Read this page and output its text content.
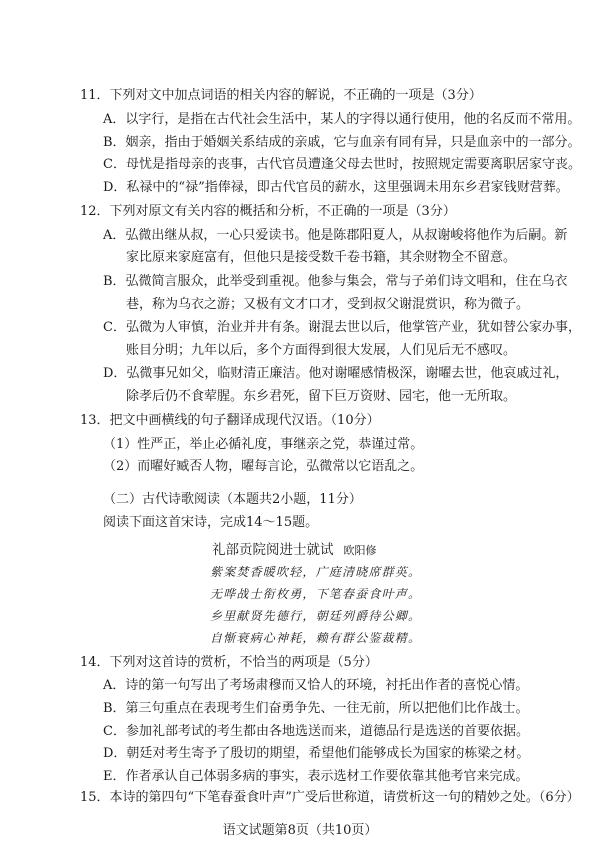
11．下列对文中加点词语的相关内容的解说，不正确的一项是（3分）
A．以字行，是指在古代社会生活中，某人的字得以通行使用，他的名反而不常用。
B．姻亲，指由于婚姻关系结成的亲戚，它与血亲有同有异，只是血亲中的一部分。
C．母忧是指母亲的丧事，古代官员遭逢父母去世时，按照规定需要离职居家守丧。
D．私禄中的“禄”指俸禄，即古代官员的薪水，这里强调未用东乡君家钱财营葬。
12．下列对原文有关内容的概括和分析，不正确的一项是（3分）
A．弘微出继从叔，一心只爱读书。他是陈郡阳夏人，从叔谢峻将他作为后嗣。新
家比原来家庭富有，但他只是接受数千卷书籍，其余财物全不留意。
B．弘微简言服众，此举受到重视。他参与集会，常与子弟们诗文唱和，住在乌衣
巷，称为乌衣之游；又极有文才口才，受到叔父谢混赏识，称为微子。
C．弘微为人审慎，治业并井有条。谢混去世以后，他掌管产业，犹如替公家办事，
账目分明；九年以后，多个方面得到很大发展，人们见后无不感叹。
D．弘微事兄如父，临财清正廉洁。他对谢曜感情极深，谢曜去世，他哀戚过礼，
除孝后仍不食荤腥。东乡君死，留下巨万资财、园宅，他一无所取。
13．把文中画横线的句子翻译成现代汉语。（10分）
（1）性严正，举止必循礼度，事继亲之党，恭谨过常。
（2）而曜好臧否人物，曜每言论，弘微常以它语乱之。
（二）古代诗歌阅读（本题共2小题，11分）
阅读下面这首宋诗，完成14～15题。
礼部贡院阅进士就试 欧阳修
紫案焚香暖吹轻，广庭清晓席群英。
无哗战士衔枚勇，下笔春蚕食叶声。
乡里献贤先德行，朝廷列爵待公卿。
自惭衰病心神耗，赖有群公鉴裁精。
14．下列对这首诗的赏析，不恰当的两项是（5分）
A．诗的第一句写出了考场肃穆而又恰人的环境，衬托出作者的喜悦心情。
B．第三句重点在表现考生们奋勇争先、一往无前，所以把他们比作战士。
C．参加礼部考试的考生都由各地选送而来，道德品行是选送的首要依据。
D．朝廷对考生寄予了殷切的期望，希望他们能够成长为国家的栋梁之材。
E．作者承认自己体弱多病的事实，表示选材工作要依靠其他考官来完成。
15．本诗的第四句“下笔春蚕食叶声”广受后世称道，请赏析这一句的精妙之处。（6分）
语文试题第8页（共10页）
